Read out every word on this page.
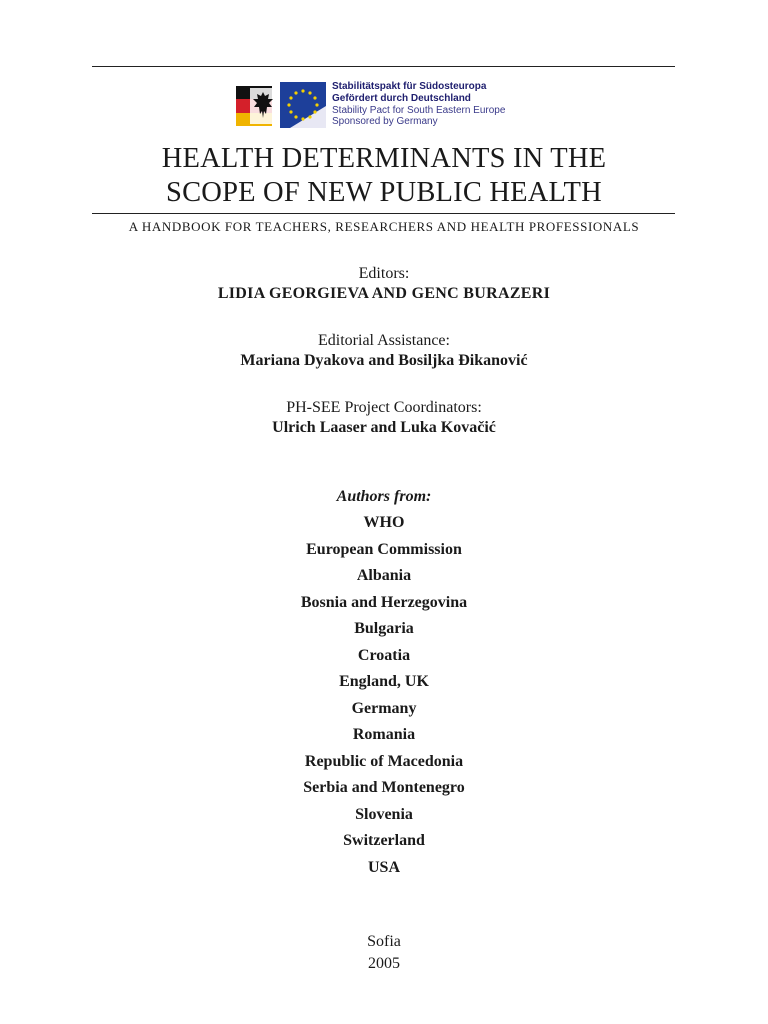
Stabilitätspakt für Südosteuropa
Gefördert durch Deutschland
Stability Pact for South Eastern Europe
Sponsored by Germany
HEALTH DETERMINANTS IN THE
SCOPE OF NEW PUBLIC HEALTH
A HANDBOOK FOR TEACHERS, RESEARCHERS AND HEALTH PROFESSIONALS
Editors:
LIDIA GEORGIEVA AND GENC BURAZERI
Editorial Assistance:
Mariana Dyakova and Bosiljka Đikanović
PH-SEE Project Coordinators:
Ulrich Laaser and Luka Kovačić
Authors from:
WHO
European Commission
Albania
Bosnia and Herzegovina
Bulgaria
Croatia
England, UK
Germany
Romania
Republic of Macedonia
Serbia and Montenegro
Slovenia
Switzerland
USA
Sofia
2005
